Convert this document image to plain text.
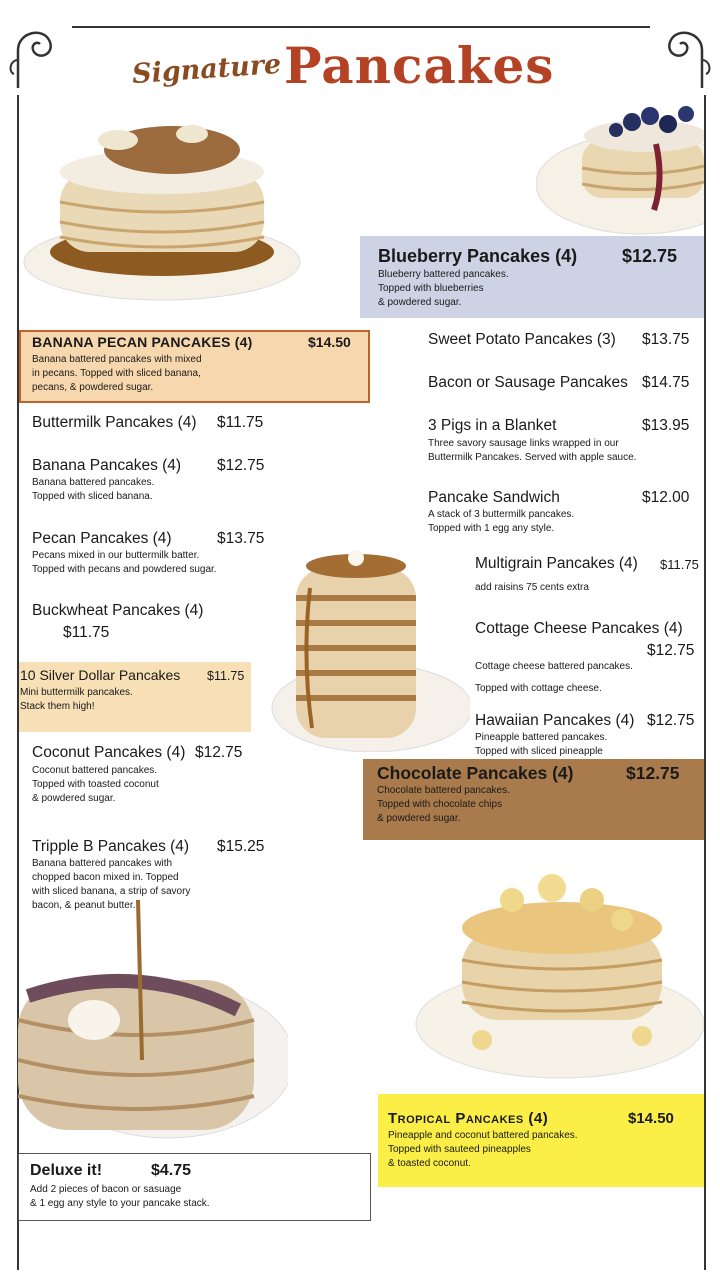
Signature Pancakes
Blueberry Pancakes (4) $12.75
Blueberry battered pancakes.
Topped with blueberries
& powdered sugar.
BANANA PECAN PANCAKES (4)	$14.50
Banana battered pancakes with mixed
in pecans. Topped with sliced banana,
pecans, & powdered sugar.
Sweet Potato Pancakes (3) $13.75
Bacon or Sausage Pancakes $14.75
3 Pigs in a Blanket	$13.95
Three savory sausage links wrapped in our
Buttermilk Pancakes. Served with apple sauce.
Pancake Sandwich	$12.00
A stack of 3 buttermilk pancakes.
Topped with 1 egg any style.
Buttermilk Pancakes (4) $11.75
Banana Pancakes (4) $12.75
Banana battered pancakes.
Topped with sliced banana.
Pecan Pancakes (4)	$13.75
Pecans mixed in our buttermilk batter.
Topped with pecans and powdered sugar.
Buckwheat Pancakes (4)
$11.75
Multigrain Pancakes (4) $11.75
add raisins 75 cents extra
Cottage Cheese Pancakes (4)
$12.75
Cottage cheese battered pancakes.
Topped with cottage cheese.
Hawaiian Pancakes (4) $12.75
Pineapple battered pancakes.
Topped with sliced pineapple
10 Silver Dollar Pancakes $11.75
Mini buttermilk pancakes.
Stack them high!
Coconut Pancakes (4) $12.75
Coconut battered pancakes.
Topped with toasted coconut
& powdered sugar.
Chocolate Pancakes (4)	$12.75
Chocolate battered pancakes.
Topped with chocolate chips
& powdered sugar.
Tripple B Pancakes (4) $15.25
Banana battered pancakes with
chopped bacon mixed in. Topped
with sliced banana, a strip of savory
bacon, & peanut butter.
Tropical Pancakes (4)	$14.50
Pineapple and coconut battered pancakes.
Topped with sauteed pineapples
& toasted coconut.
Deluxe it!	$4.75
Add 2 pieces of bacon or sasuage
& 1 egg any style to your pancake stack.
